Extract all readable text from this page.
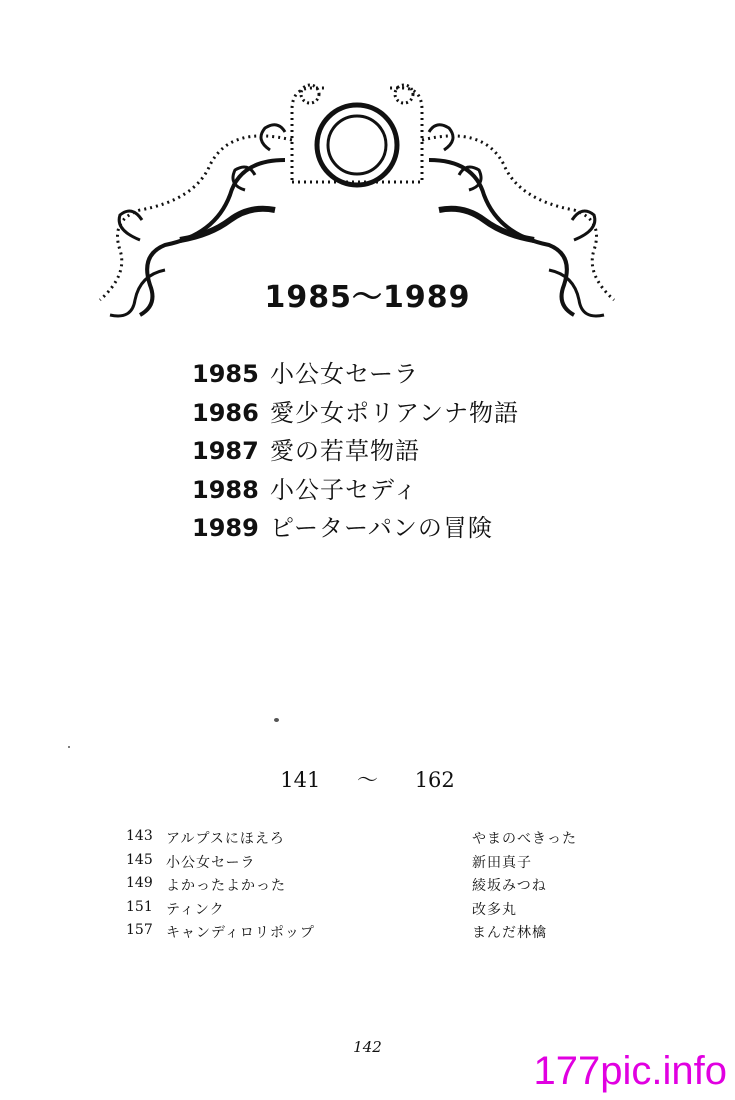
1985〜1989
1985 小公女セーラ
1986 愛少女ポリアンナ物語
1987 愛の若草物語
1988 小公子セディ
1989 ピーターパンの冒険
141 〜 162
143 アルプスにほえろ	やまのべきった
145 小公女セーラ	新田真子
149 よかったよかった	綾坂みつね
151 ティンク	改多丸
157 キャンディロリポップ	まんだ林檎
142
177pic.info
